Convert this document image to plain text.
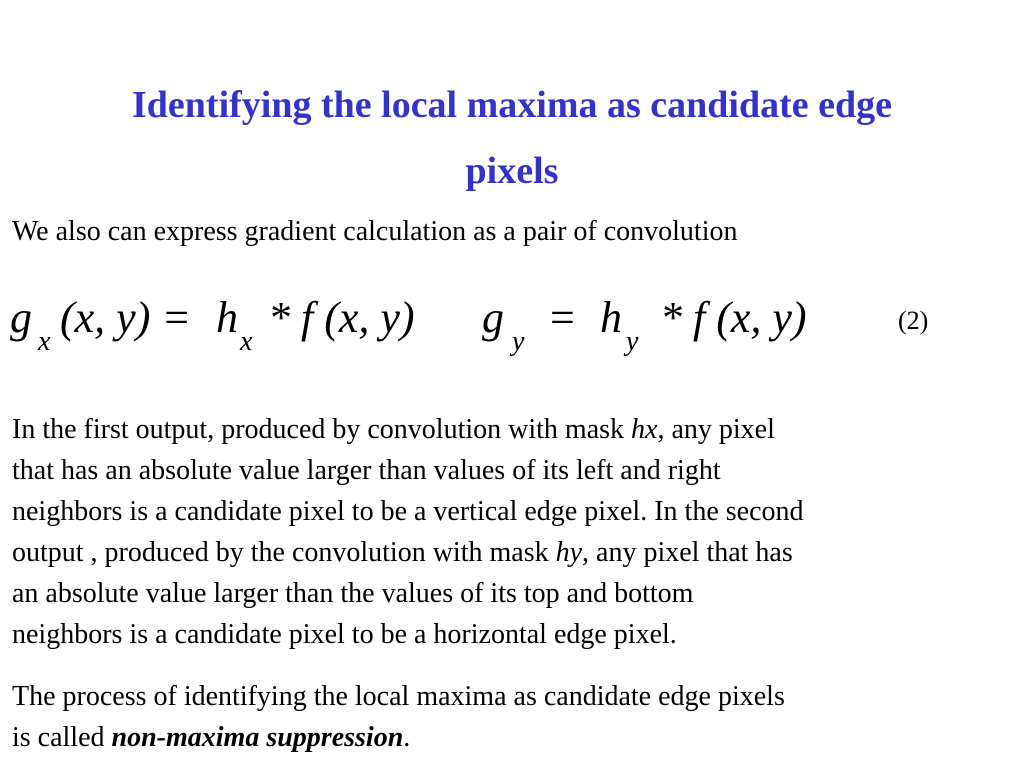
Identifying the local maxima as candidate edge
pixels

We also can express gradient calculation as a pair of convolution

g x (x, y) = h x * f (x, y) g y = h y * f (x, y)	(2)
In the first output, produced by convolution with mask hx, any pixel
that has an absolute value larger than values of its left and right
neighbors is a candidate pixel to be a vertical edge pixel. In the second
output , produced by the convolution with mask hy, any pixel that has
an absolute value larger than the values of its top and bottom
neighbors is a candidate pixel to be a horizontal edge pixel.
The process of identifying the local maxima as candidate edge pixels
is called non-maxima suppression.
